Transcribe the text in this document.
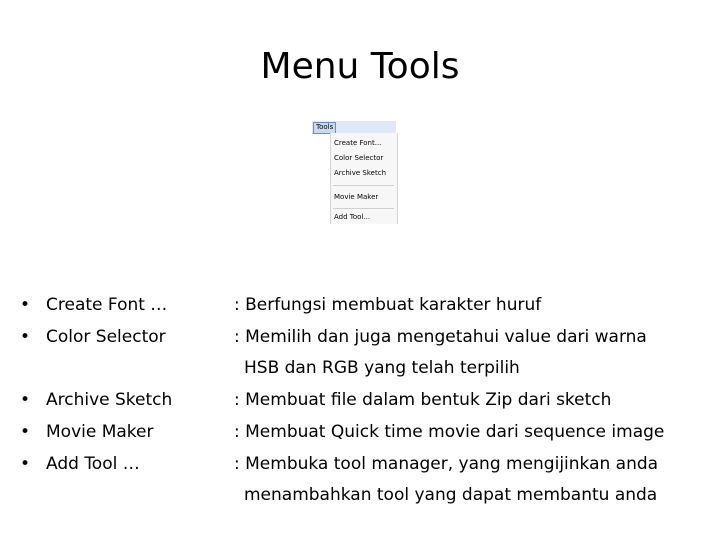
Menu Tools
Tools
Create Font...
Color Selector
Archive Sketch
Movie Maker
Add Tool...
• Create Font …
• Color Selector
• Archive Sketch
• Movie Maker
• Add Tool …
: Berfungsi membuat karakter huruf
: Memilih dan juga mengetahui value dari warna
HSB dan RGB yang telah terpilih
: Membuat file dalam bentuk Zip dari sketch
: Membuat Quick time movie dari sequence image
: Membuka tool manager, yang mengijinkan anda
menambahkan tool yang dapat membantu anda
